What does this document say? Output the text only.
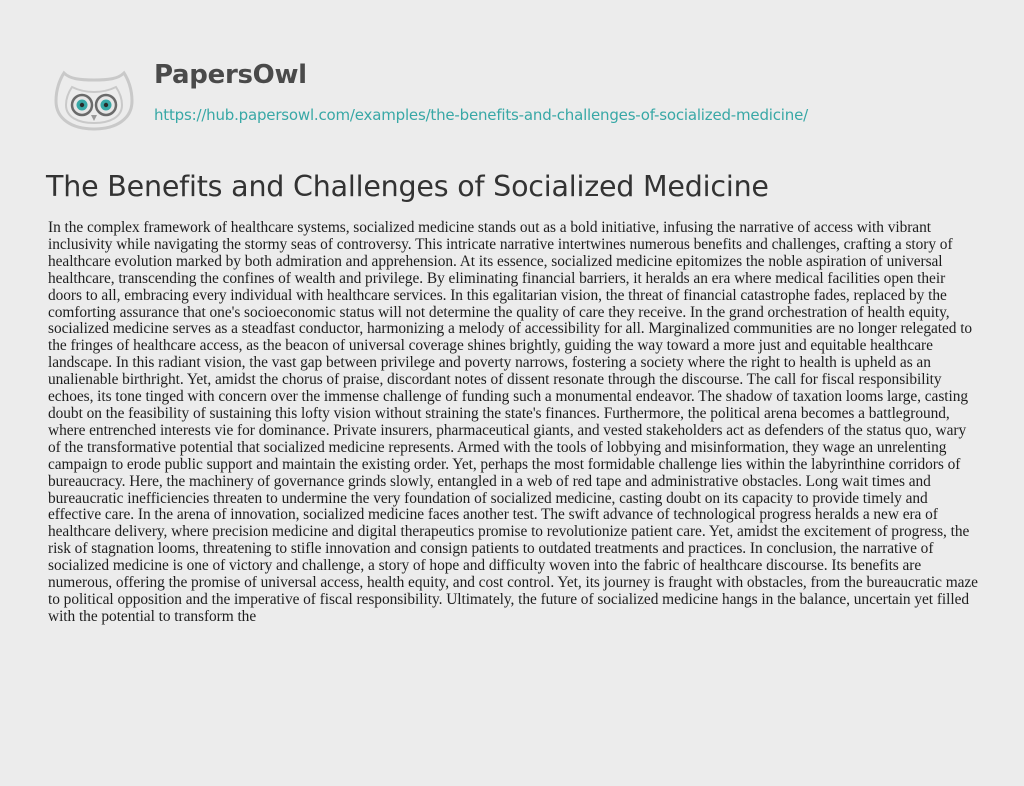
PapersOwl
https://hub.papersowl.com/examples/the-benefits-and-challenges-of-socialized-medicine/
The Benefits and Challenges of Socialized Medicine

In the complex framework of healthcare systems, socialized medicine stands out as a bold initiative, infusing the narrative of access with vibrant inclusivity while navigating the stormy seas of controversy. This intricate narrative intertwines numerous benefits and challenges, crafting a story of healthcare evolution marked by both admiration and apprehension. At its essence, socialized medicine epitomizes the noble aspiration of universal healthcare, transcending the confines of wealth and privilege. By eliminating financial barriers, it heralds an era where medical facilities open their doors to all, embracing every individual with healthcare services. In this egalitarian vision, the threat of financial catastrophe fades, replaced by the comforting assurance that one's socioeconomic status will not determine the quality of care they receive. In the grand orchestration of health equity, socialized medicine serves as a steadfast conductor, harmonizing a melody of accessibility for all. Marginalized communities are no longer relegated to the fringes of healthcare access, as the beacon of universal coverage shines brightly, guiding the way toward a more just and equitable healthcare landscape. In this radiant vision, the vast gap between privilege and poverty narrows, fostering a society where the right to health is upheld as an unalienable birthright. Yet, amidst the chorus of praise, discordant notes of dissent resonate through the discourse. The call for fiscal responsibility echoes, its tone tinged with concern over the immense challenge of funding such a monumental endeavor. The shadow of taxation looms large, casting doubt on the feasibility of sustaining this lofty vision without straining the state's finances. Furthermore, the political arena becomes a battleground, where entrenched interests vie for dominance. Private insurers, pharmaceutical giants, and vested stakeholders act as defenders of the status quo, wary of the transformative potential that socialized medicine represents. Armed with the tools of lobbying and misinformation, they wage an unrelenting campaign to erode public support and maintain the existing order. Yet, perhaps the most formidable challenge lies within the labyrinthine corridors of bureaucracy. Here, the machinery of governance grinds slowly, entangled in a web of red tape and administrative obstacles. Long wait times and bureaucratic inefficiencies threaten to undermine the very foundation of socialized medicine, casting doubt on its capacity to provide timely and effective care. In the arena of innovation, socialized medicine faces another test. The swift advance of technological progress heralds a new era of healthcare delivery, where precision medicine and digital therapeutics promise to revolutionize patient care. Yet, amidst the excitement of progress, the risk of stagnation looms, threatening to stifle innovation and consign patients to outdated treatments and practices. In conclusion, the narrative of socialized medicine is one of victory and challenge, a story of hope and difficulty woven into the fabric of healthcare discourse. Its benefits are numerous, offering the promise of universal access, health equity, and cost control. Yet, its journey is fraught with obstacles, from the bureaucratic maze to political opposition and the imperative of fiscal responsibility. Ultimately, the future of socialized medicine hangs in the balance, uncertain yet filled with the potential to transform the
